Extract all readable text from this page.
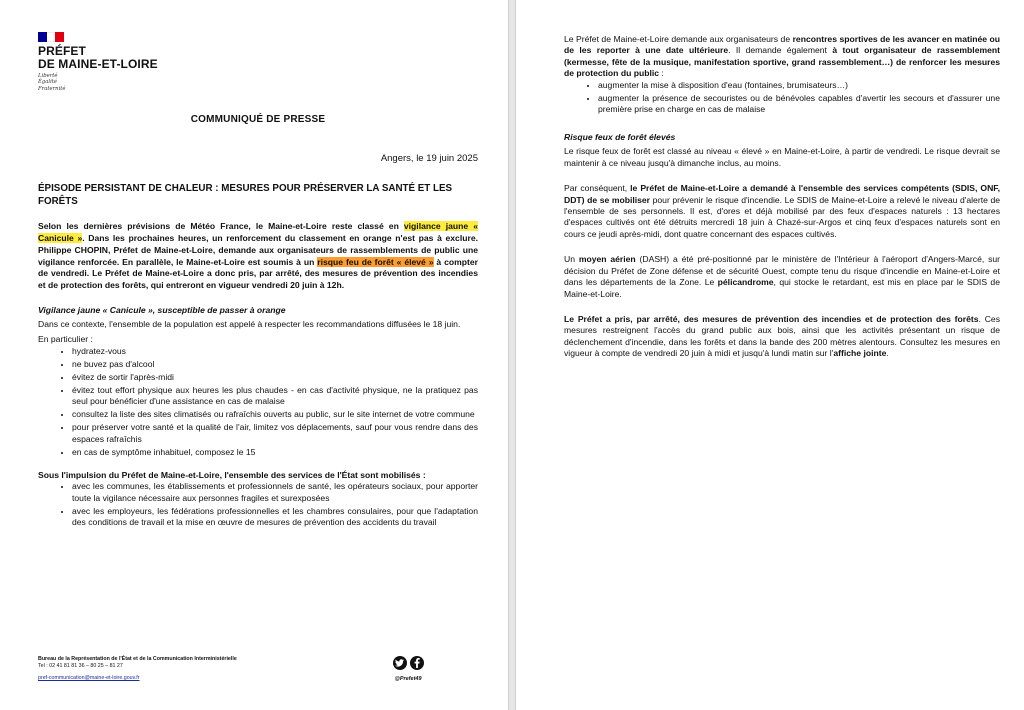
PRÉFET
DE MAINE-ET-LOIRE
Liberté
Égalité
Fraternité
COMMUNIQUÉ DE PRESSE
Angers, le 19 juin 2025
ÉPISODE PERSISTANT DE CHALEUR : MESURES POUR PRÉSERVER LA SANTÉ ET LES FORÊTS

Selon les dernières prévisions de Météo France, le Maine-et-Loire reste classé en vigilance jaune « Canicule ». Dans les prochaines heures, un renforcement du classement en orange n'est pas à exclure. Philippe CHOPIN, Préfet de Maine-et-Loire, demande aux organisateurs de rassemblements de public une vigilance renforcée. En parallèle, le Maine-et-Loire est soumis à un risque feu de forêt « élevé » à compter de vendredi. Le Préfet de Maine-et-Loire a donc pris, par arrêté, des mesures de prévention des incendies et de protection des forêts, qui entreront en vigueur vendredi 20 juin à 12h.

Vigilance jaune « Canicule », susceptible de passer à orange

Dans ce contexte, l'ensemble de la population est appelé à respecter les recommandations diffusées le 18 juin.

En particulier :

• hydratez-vous
• ne buvez pas d'alcool
• évitez de sortir l'après-midi
• évitez tout effort physique aux heures les plus chaudes - en cas d'activité physique, ne la pratiquez pas seul pour bénéficier d'une assistance en cas de malaise
• consultez la liste des sites climatisés ou rafraîchis ouverts au public, sur le site internet de votre commune
• pour préserver votre santé et la qualité de l'air, limitez vos déplacements, sauf pour vous rendre dans des espaces rafraîchis
• en cas de symptôme inhabituel, composez le 15

Sous l'impulsion du Préfet de Maine-et-Loire, l'ensemble des services de l'État sont mobilisés :

• avec les communes, les établissements et professionnels de santé, les opérateurs sociaux, pour apporter toute la vigilance nécessaire aux personnes fragiles et surexposées
• avec les employeurs, les fédérations professionnelles et les chambres consulaires, pour que l'adaptation des conditions de travail et la mise en œuvre de mesures de prévention des accidents du travail
Bureau de la Représentation de l'État et de la Communication Interministérielle
Tel : 02 41 81 81 36 – 80 25 – 81 27
pref-communication@maine-et-loire.gouv.fr	@Prefet49

Le Préfet de Maine-et-Loire demande aux organisateurs de rencontres sportives de les avancer en matinée ou de les reporter à une date ultérieure. Il demande également à tout organisateur de rassemblement (kermesse, fête de la musique, manifestation sportive, grand rassemblement…) de renforcer les mesures de protection du public :

• augmenter la mise à disposition d'eau (fontaines, brumisateurs…)
• augmenter la présence de secouristes ou de bénévoles capables d'avertir les secours et d'assurer une première prise en charge en cas de malaise
Risque feux de forêt élevés

Le risque feux de forêt est classé au niveau « élevé » en Maine-et-Loire, à partir de vendredi. Le risque devrait se maintenir à ce niveau jusqu'à dimanche inclus, au moins.

Par conséquent, le Préfet de Maine-et-Loire a demandé à l'ensemble des services compétents (SDIS, ONF, DDT) de se mobiliser pour prévenir le risque d'incendie. Le SDIS de Maine-et-Loire a relevé le niveau d'alerte de l'ensemble de ses personnels. Il est, d'ores et déjà mobilisé par des feux d'espaces naturels : 13 hectares d'espaces cultivés ont été détruits mercredi 18 juin à Chazé-sur-Argos et cinq feux d'espaces naturels sont en cours ce jeudi après-midi, dont quatre concernant des espaces cultivés.

Un moyen aérien (DASH) a été pré-positionné par le ministère de l'Intérieur à l'aéroport d'Angers-Marcé, sur décision du Préfet de Zone défense et de sécurité Ouest, compte tenu du risque d'incendie en Maine-et-Loire et dans les départements de la Zone. Le pélicandrome, qui stocke le retardant, est mis en place par le SDIS de Maine-et-Loire.

Le Préfet a pris, par arrêté, des mesures de prévention des incendies et de protection des forêts. Ces mesures restreignent l'accès du grand public aux bois, ainsi que les activités présentant un risque de déclenchement d'incendie, dans les forêts et dans la bande des 200 mètres alentours. Consultez les mesures en vigueur à compte de vendredi 20 juin à midi et jusqu'à lundi matin sur l'affiche jointe.
